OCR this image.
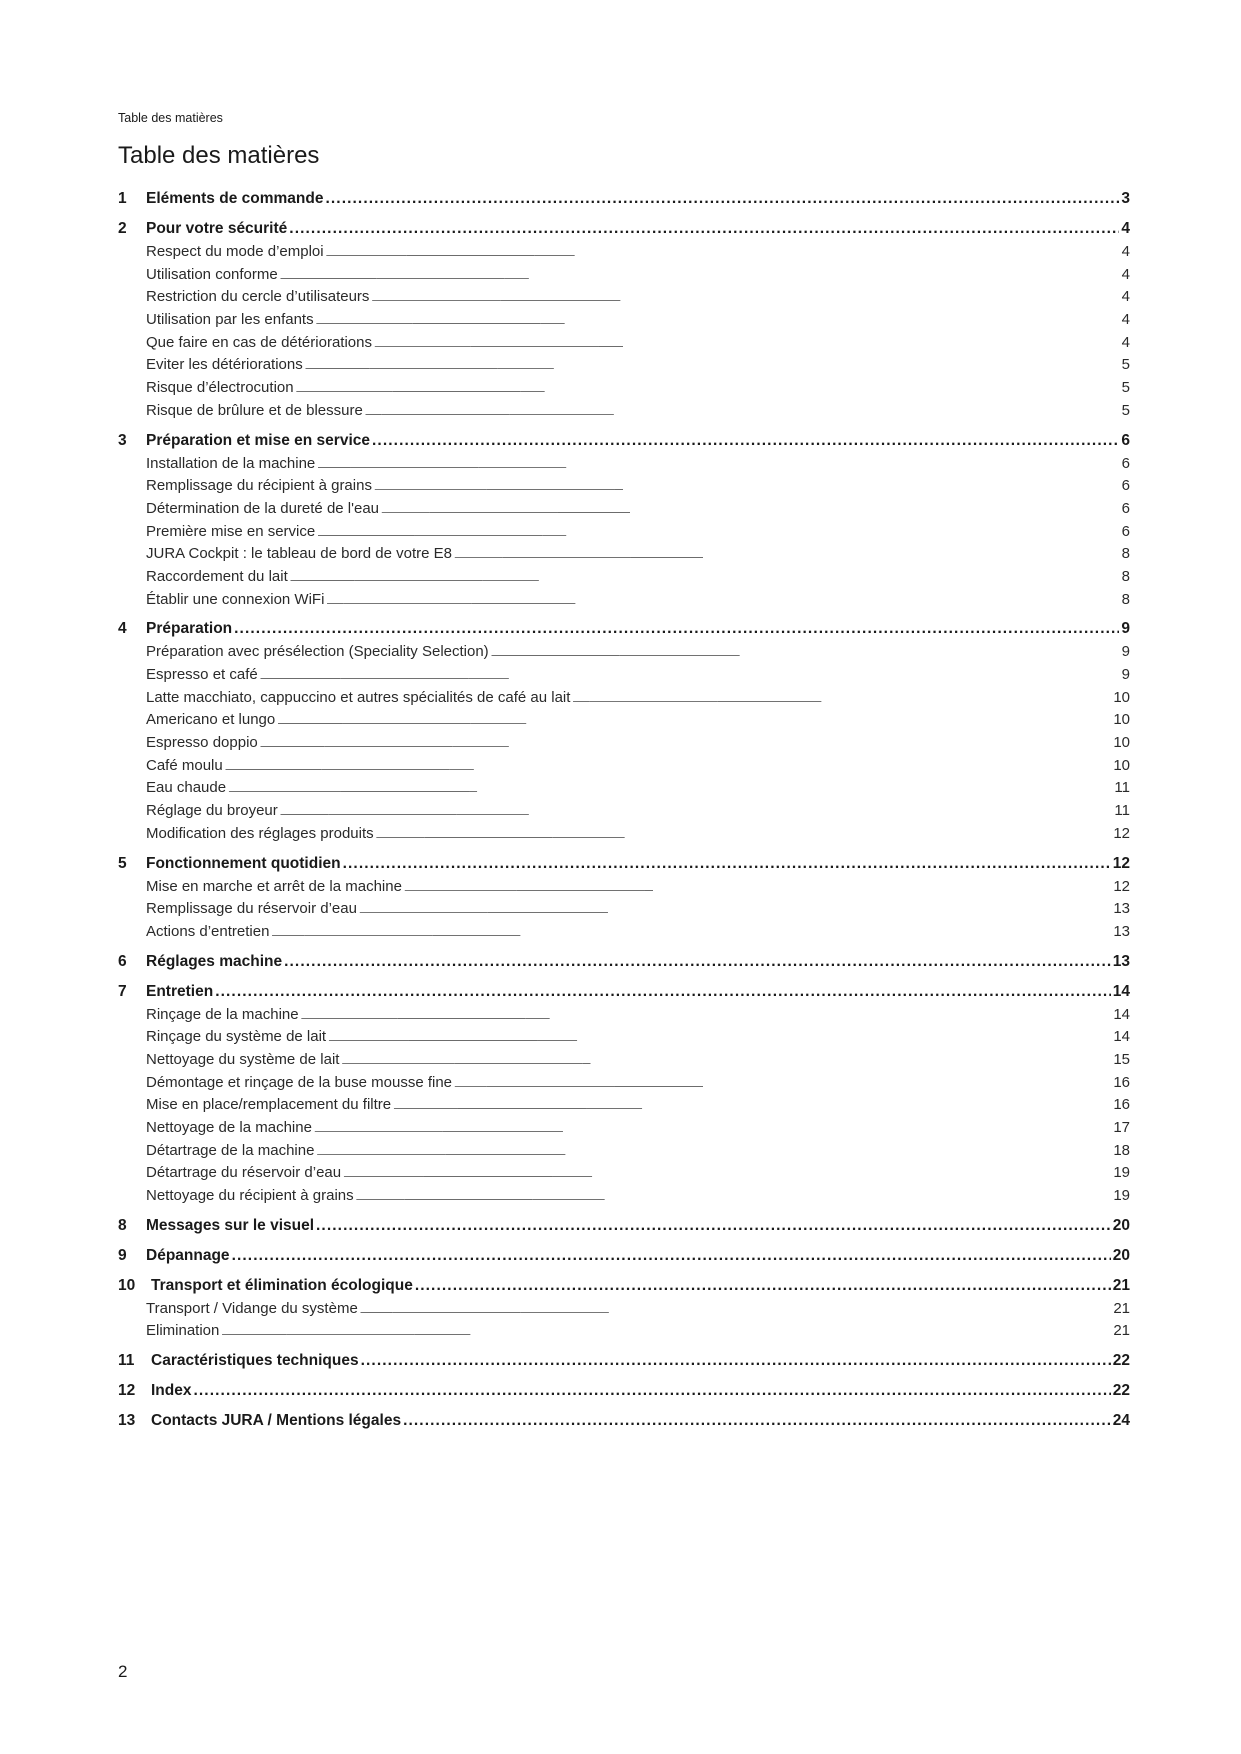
Table des matières
Table des matières
1	Eléments de commande . . .	3
2	Pour votre sécurité . . .	4
Respect du mode d’emploi . . .	4
Utilisation conforme . . .	4
Restriction du cercle d’utilisateurs . . .	4
Utilisation par les enfants . . .	4
Que faire en cas de détériorations . . .	4
Eviter les détériorations . . .	5
Risque d’électrocution . . .	5
Risque de brûlure et de blessure . . .	5
3	Préparation et mise en service . . .	6
Installation de la machine . . .	6
Remplissage du récipient à grains . . .	6
Détermination de la dureté de l'eau . . .	6
Première mise en service . . .	6
JURA Cockpit : le tableau de bord de votre E8 . . .	8
Raccordement du lait . . .	8
Établir une connexion WiFi . . .	8
4	Préparation . . .	9
Préparation avec présélection (Speciality Selection) . . .	9
Espresso et café . . .	9
Latte macchiato, cappuccino et autres spécialités de café au lait . . .	10
Americano et lungo . . .	10
Espresso doppio . . .	10
Café moulu . . .	10
Eau chaude . . .	11
Réglage du broyeur . . .	11
Modification des réglages produits . . .	12
5	Fonctionnement quotidien . . .	12
Mise en marche et arrêt de la machine . . .	12
Remplissage du réservoir d’eau . . .	13
Actions d’entretien . . .	13
6	Réglages machine . . .	13
7	Entretien . . .	14
Rinçage de la machine . . .	14
Rinçage du système de lait . . .	14
Nettoyage du système de lait . . .	15
Démontage et rinçage de la buse mousse fine . . .	16
Mise en place/remplacement du filtre . . .	16
Nettoyage de la machine . . .	17
Détartrage de la machine . . .	18
Détartrage du réservoir d’eau . . .	19
Nettoyage du récipient à grains . . .	19
8	Messages sur le visuel . . .	20
9	Dépannage . . .	20
10	Transport et élimination écologique . . .	21
Transport / Vidange du système . . .	21
Elimination . . .	21
11	Caractéristiques techniques . . .	22
12	Index . . .	22
13	Contacts JURA / Mentions légales . . .	24
2
